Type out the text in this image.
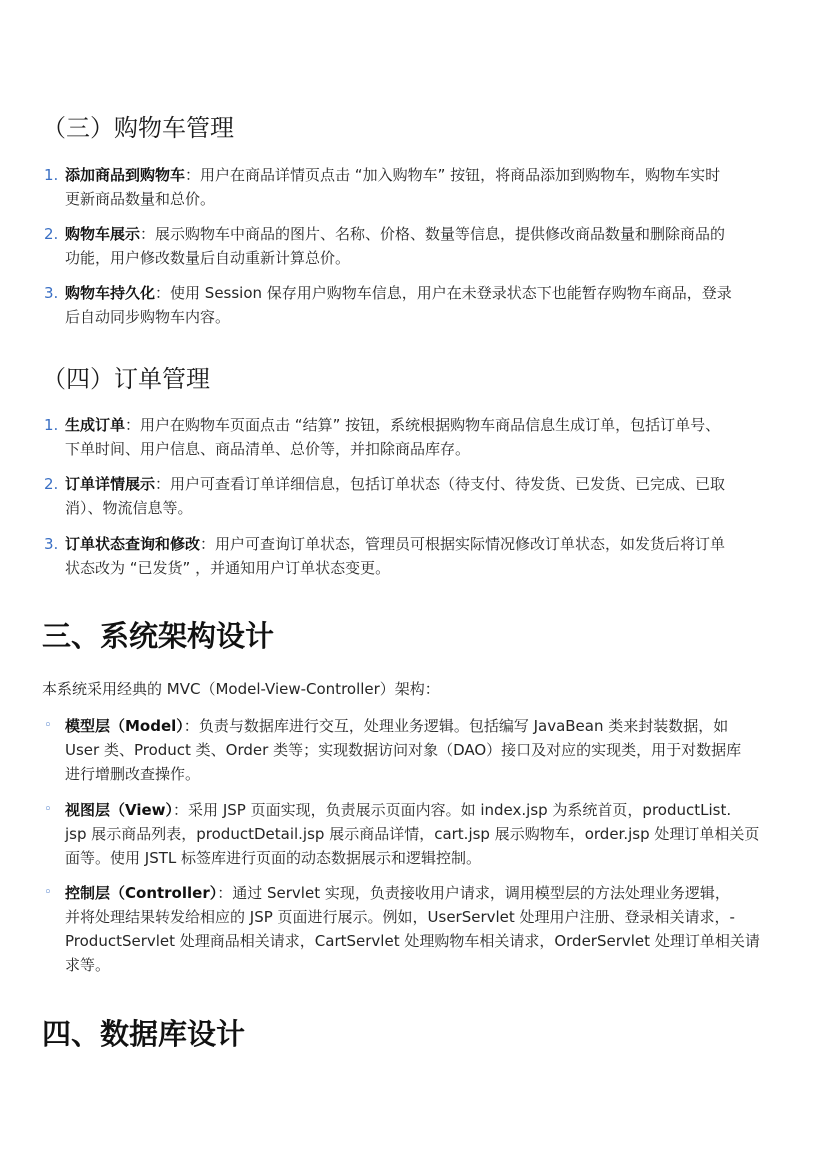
（三）购物车管理
1. 添加商品到购物车：用户在商品详情页点击 “加入购物车” 按钮，将商品添加到购物车，购物车实时
更新商品数量和总价。
2. 购物车展示：展示购物车中商品的图片、名称、价格、数量等信息，提供修改商品数量和删除商品的
功能，用户修改数量后自动重新计算总价。
3. 购物车持久化：使用 Session 保存用户购物车信息，用户在未登录状态下也能暂存购物车商品，登录
后自动同步购物车内容。
（四）订单管理
1. 生成订单：用户在购物车页面点击 “结算” 按钮，系统根据购物车商品信息生成订单，包括订单号、
下单时间、用户信息、商品清单、总价等，并扣除商品库存。
2. 订单详情展示：用户可查看订单详细信息，包括订单状态（待支付、待发货、已发货、已完成、已取
消）、物流信息等。
3. 订单状态查询和修改：用户可查询订单状态，管理员可根据实际情况修改订单状态，如发货后将订单
状态改为 “已发货” ，并通知用户订单状态变更。
三、系统架构设计

本系统采用经典的 MVC（Model-View-Controller）架构：

◦ 模型层（Model）：负责与数据库进行交互，处理业务逻辑。包括编写 JavaBean 类来封装数据，如
User 类、Product 类、Order 类等；实现数据访问对象（DAO）接口及对应的实现类，用于对数据库
进行增删改查操作。
◦ 视图层（View）：采用 JSP 页面实现，负责展示页面内容。如 index.jsp 为系统首页，productList.
jsp 展示商品列表，productDetail.jsp 展示商品详情，cart.jsp 展示购物车，order.jsp 处理订单相关页
面等。使用 JSTL 标签库进行页面的动态数据展示和逻辑控制。
◦ 控制层（Controller）：通过 Servlet 实现，负责接收用户请求，调用模型层的方法处理业务逻辑，
并将处理结果转发给相应的 JSP 页面进行展示。例如，UserServlet 处理用户注册、登录相关请求，-
ProductServlet 处理商品相关请求，CartServlet 处理购物车相关请求，OrderServlet 处理订单相关请
求等。
四、数据库设计
